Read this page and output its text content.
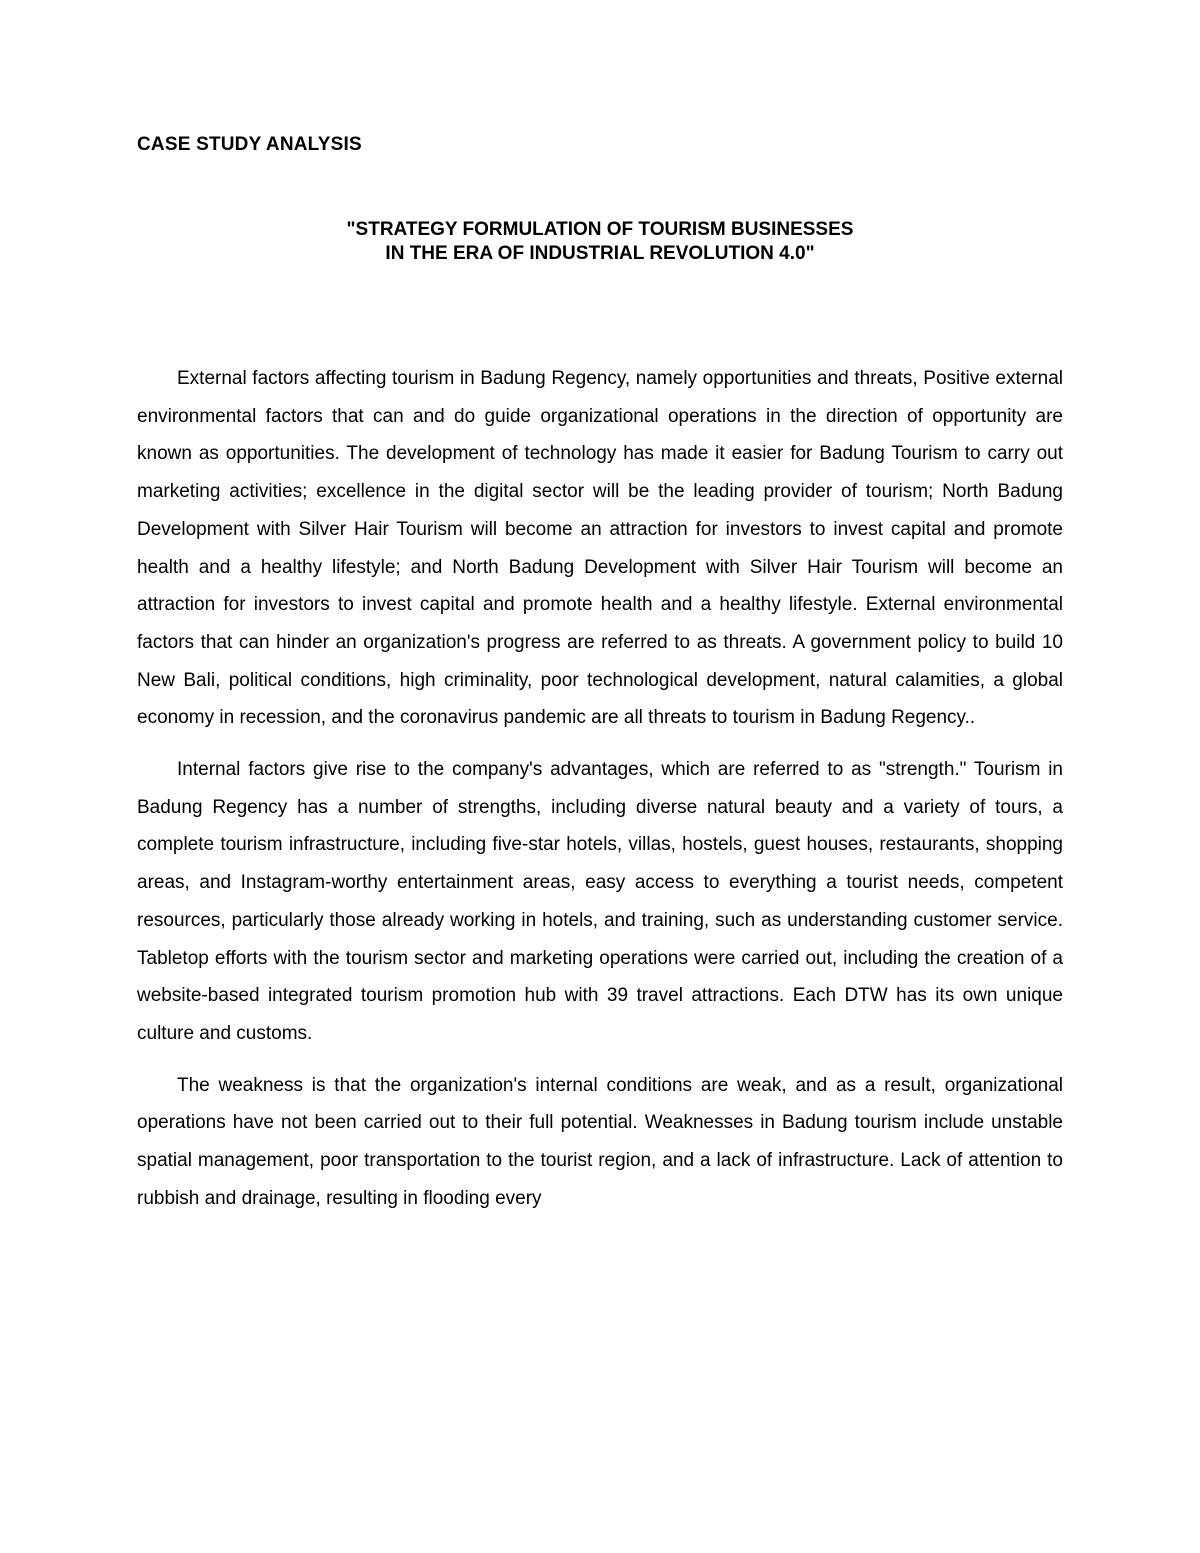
CASE STUDY ANALYSIS

"STRATEGY FORMULATION OF TOURISM BUSINESSES
IN THE ERA OF INDUSTRIAL REVOLUTION 4.0"

External factors affecting tourism in Badung Regency, namely opportunities and threats, Positive external environmental factors that can and do guide organizational operations in the direction of opportunity are known as opportunities. The development of technology has made it easier for Badung Tourism to carry out marketing activities; excellence in the digital sector will be the leading provider of tourism; North Badung Development with Silver Hair Tourism will become an attraction for investors to invest capital and promote health and a healthy lifestyle; and North Badung Development with Silver Hair Tourism will become an attraction for investors to invest capital and promote health and a healthy lifestyle. External environmental factors that can hinder an organization's progress are referred to as threats. A government policy to build 10 New Bali, political conditions, high criminality, poor technological development, natural calamities, a global economy in recession, and the coronavirus pandemic are all threats to tourism in Badung Regency..

Internal factors give rise to the company's advantages, which are referred to as "strength." Tourism in Badung Regency has a number of strengths, including diverse natural beauty and a variety of tours, a complete tourism infrastructure, including five-star hotels, villas, hostels, guest houses, restaurants, shopping areas, and Instagram-worthy entertainment areas, easy access to everything a tourist needs, competent resources, particularly those already working in hotels, and training, such as understanding customer service. Tabletop efforts with the tourism sector and marketing operations were carried out, including the creation of a website-based integrated tourism promotion hub with 39 travel attractions. Each DTW has its own unique culture and customs.

The weakness is that the organization's internal conditions are weak, and as a result, organizational operations have not been carried out to their full potential. Weaknesses in Badung tourism include unstable spatial management, poor transportation to the tourist region, and a lack of infrastructure. Lack of attention to rubbish and drainage, resulting in flooding every
